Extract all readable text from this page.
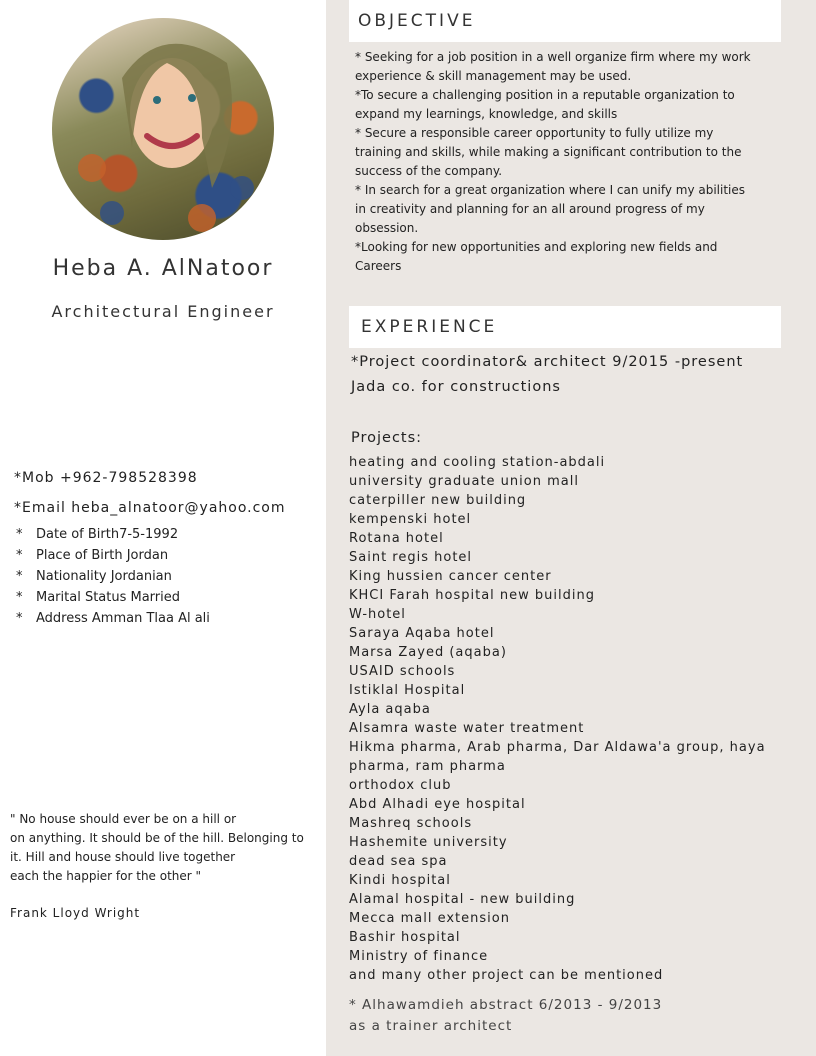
Heba A. AlNatoor
Architectural Engineer
*Mob +962-798528398
*Email heba_alnatoor@yahoo.com
* Date of Birth7-5-1992
* Place of Birth Jordan
* Nationality Jordanian
* Marital Status Married
* Address Amman Tlaa Al ali
" No house should ever be on a hill or
on anything. It should be of the hill. Belonging to
it. Hill and house should live together
each the happier for the other "
Frank Lloyd Wright
OBJECTIVE
* Seeking for a job position in a well organize firm where my work
experience & skill management may be used.
*To secure a challenging position in a reputable organization to
expand my learnings, knowledge, and skills
* Secure a responsible career opportunity to fully utilize my
training and skills, while making a significant contribution to the
success of the company.
* In search for a great organization where I can unify my abilities
in creativity and planning for an all around progress of my
obsession.
*Looking for new opportunities and exploring new fields and
Careers
EXPERIENCE
*Project coordinator& architect 9/2015 -present
Jada co. for constructions
Projects:
heating and cooling station-abdali
university graduate union mall
caterpiller new building
kempenski hotel
Rotana hotel
Saint regis hotel
King hussien cancer center
KHCI Farah hospital new building
W-hotel
Saraya Aqaba hotel
Marsa Zayed (aqaba)
USAID schools
Istiklal Hospital
Ayla aqaba
Alsamra waste water treatment
Hikma pharma, Arab pharma, Dar Aldawa'a group, haya
pharma, ram pharma
orthodox club
Abd Alhadi eye hospital
Mashreq schools
Hashemite university
dead sea spa
Kindi hospital
Alamal hospital - new building
Mecca mall extension
Bashir hospital
Ministry of finance
and many other project can be mentioned
* Alhawamdieh abstract 6/2013 - 9/2013
as a trainer architect
